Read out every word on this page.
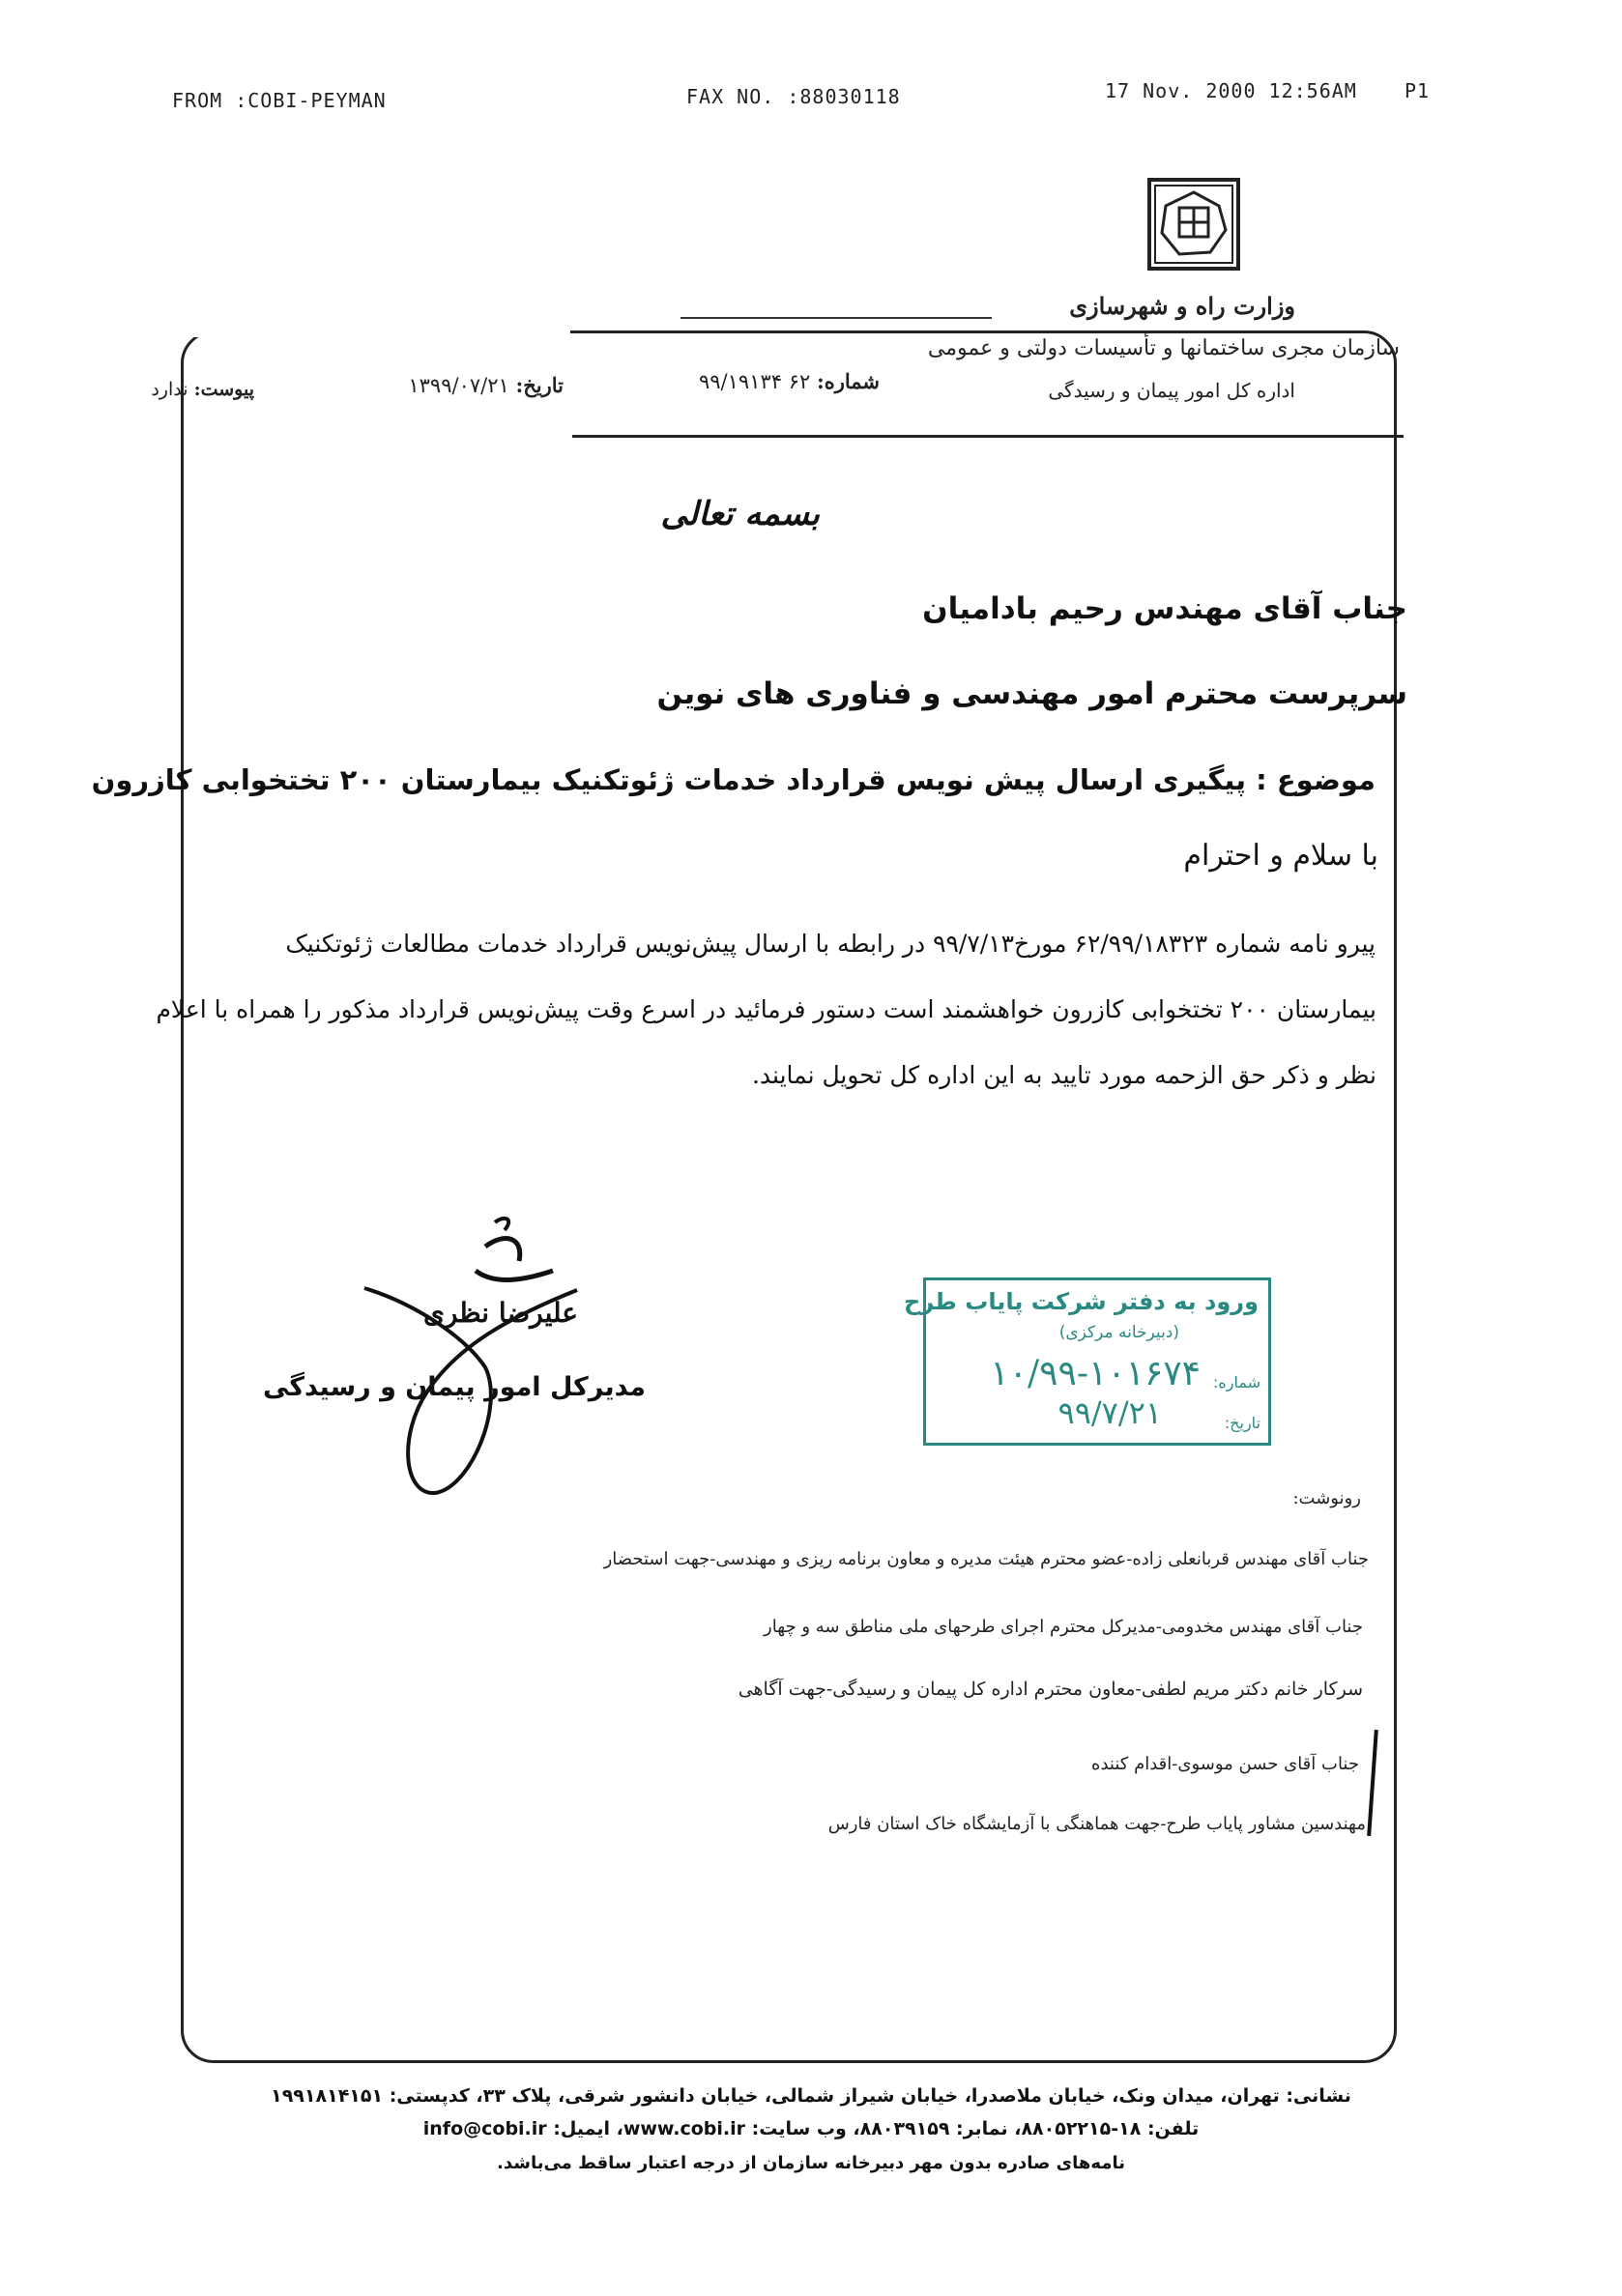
FROM :COBI-PEYMAN	FAX NO. :88030118	17 Nov. 2000 12:56AM P1
وزارت راه و شهرسازی
سازمان مجری ساختمانها و تأسیسات دولتی و عمومی
اداره کل امور پیمان و رسیدگی
شماره: ۶۲ ۹۹/۱۹۱۳۴
تاریخ: ۱۳۹۹/۰۷/۲۱
پیوست: ندارد
بسمه تعالی
جناب آقای مهندس رحیم بادامیان
سرپرست محترم امور مهندسی و فناوری های نوین
موضوع : پیگیری ارسال پیش نویس قرارداد خدمات ژئوتکنیک بیمارستان ۲۰۰ تختخوابی کازرون
با سلام و احترام
پیرو نامه شماره ۶۲/۹۹/۱۸۳۲۳ مورخ۹۹/۷/۱۳ در رابطه با ارسال پیش‌نویس قرارداد خدمات مطالعات ژئوتکنیک
بیمارستان ۲۰۰ تختخوابی کازرون خواهشمند است دستور فرمائید در اسرع وقت پیش‌نویس قرارداد مذکور را همراه با اعلام
نظر و ذکر حق الزحمه مورد تایید به این اداره کل تحویل نمایند.
علیرضا نظری
مدیرکل امور پیمان و رسیدگی
ورود به دفتر شرکت پایاب طرح
(دبیرخانه مرکزی)
شماره:
۱۰/۹۹-۱۰۱۶۷۴
تاریخ:
۹۹/۷/۲۱
رونوشت:
جناب آقای مهندس قربانعلی زاده-عضو محترم هیئت مدیره و معاون برنامه ریزی و مهندسی-جهت استحضار
جناب آقای مهندس مخدومی-مدیرکل محترم اجرای طرحهای ملی مناطق سه و چهار
سرکار خانم دکتر مریم لطفی-معاون محترم اداره کل پیمان و رسیدگی-جهت آگاهی
جناب آقای حسن موسوی-اقدام کننده
مهندسین مشاور پایاب طرح-جهت هماهنگی با آزمایشگاه خاک استان فارس
نشانی: تهران، میدان ونک، خیابان ملاصدرا، خیابان شیراز شمالی، خیابان دانشور شرقی، پلاک ۳۳، کدپستی: ۱۹۹۱۸۱۴۱۵۱
تلفن: ۱۸-۸۸۰۵۲۲۱۵، نمابر: ۸۸۰۳۹۱۵۹، وب سایت: www.cobi.ir، ایمیل: info@cobi.ir
نامه‌های صادره بدون مهر دبیرخانه سازمان از درجه اعتبار ساقط می‌باشد.
